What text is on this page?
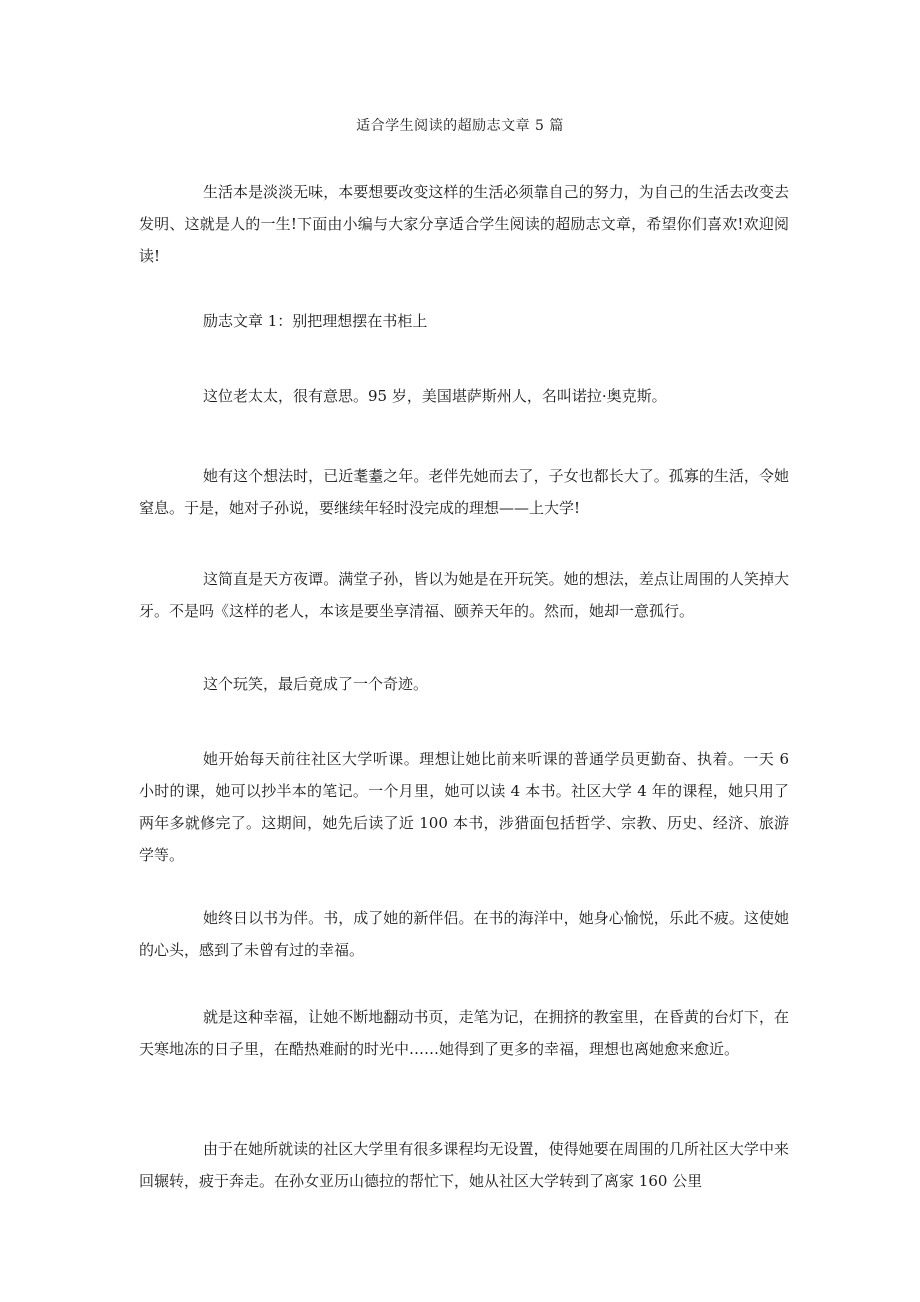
适合学生阅读的超励志文章 5 篇

生活本是淡淡无味，本要想要改变这样的生活必须靠自己的努力，为自己的生活去改变去发明、这就是人的一生!下面由小编与大家分享适合学生阅读的超励志文章，希望你们喜欢!欢迎阅读!

励志文章 1：别把理想摆在书柜上

这位老太太，很有意思。95 岁，美国堪萨斯州人，名叫诺拉·奥克斯。

她有这个想法时，已近耄耋之年。老伴先她而去了，子女也都长大了。孤寡的生活，令她窒息。于是，她对子孙说，要继续年轻时没完成的理想——上大学!

这简直是天方夜谭。满堂子孙，皆以为她是在开玩笑。她的想法，差点让周围的人笑掉大牙。不是吗《这样的老人，本该是要坐享清福、颐养天年的。然而，她却一意孤行。

这个玩笑，最后竟成了一个奇迹。

她开始每天前往社区大学听课。理想让她比前来听课的普通学员更勤奋、执着。一天 6 小时的课，她可以抄半本的笔记。一个月里，她可以读 4 本书。社区大学 4 年的课程，她只用了两年多就修完了。这期间，她先后读了近 100 本书，涉猎面包括哲学、宗教、历史、经济、旅游学等。

她终日以书为伴。书，成了她的新伴侣。在书的海洋中，她身心愉悦，乐此不疲。这使她的心头，感到了未曾有过的幸福。

就是这种幸福，让她不断地翻动书页，走笔为记，在拥挤的教室里，在昏黄的台灯下，在天寒地冻的日子里，在酷热难耐的时光中……她得到了更多的幸福，理想也离她愈来愈近。

由于在她所就读的社区大学里有很多课程均无设置，使得她要在周围的几所社区大学中来回辗转，疲于奔走。在孙女亚历山德拉的帮忙下，她从社区大学转到了离家 160 公里
